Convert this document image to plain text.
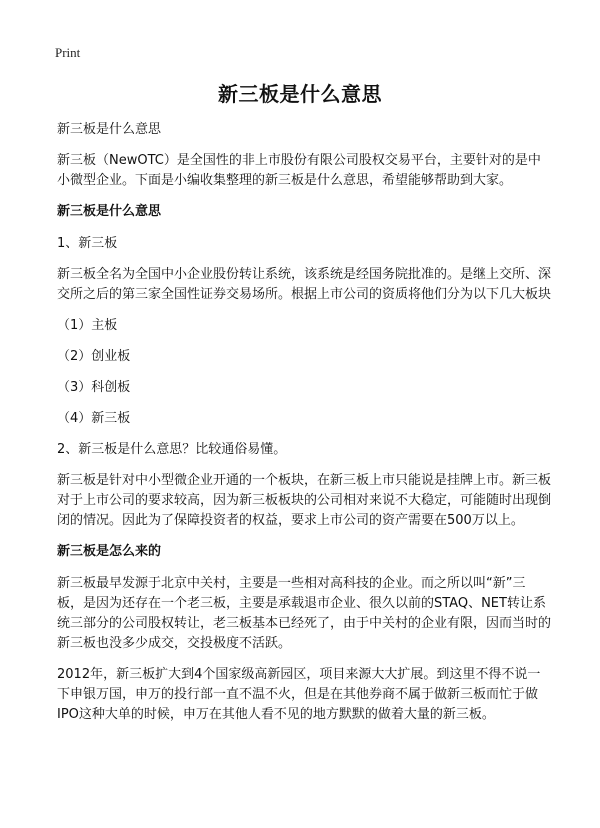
Print
新三板是什么意思

新三板是什么意思

新三板（NewOTC）是全国性的非上市股份有限公司股权交易平台，主要针对的是中小微型企业。下面是小编收集整理的新三板是什么意思，希望能够帮助到大家。

新三板是什么意思

1、新三板

新三板全名为全国中小企业股份转让系统，该系统是经国务院批准的。是继上交所、深交所之后的第三家全国性证券交易场所。根据上市公司的资质将他们分为以下几大板块

（1）主板

（2）创业板

（3）科创板

（4）新三板

2、新三板是什么意思？比较通俗易懂。

新三板是针对中小型微企业开通的一个板块，在新三板上市只能说是挂牌上市。新三板对于上市公司的要求较高，因为新三板板块的公司相对来说不大稳定，可能随时出现倒闭的情况。因此为了保障投资者的权益，要求上市公司的资产需要在500万以上。

新三板是怎么来的

新三板最早发源于北京中关村，主要是一些相对高科技的企业。而之所以叫“新”三板，是因为还存在一个老三板，主要是承载退市企业、很久以前的STAQ、NET转让系统三部分的公司股权转让，老三板基本已经死了，由于中关村的企业有限，因而当时的新三板也没多少成交，交投极度不活跃。

2012年，新三板扩大到4个国家级高新园区，项目来源大大扩展。到这里不得不说一下申银万国，申万的投行部一直不温不火，但是在其他券商不属于做新三板而忙于做IPO这种大单的时候，申万在其他人看不见的地方默默的做着大量的新三板。
